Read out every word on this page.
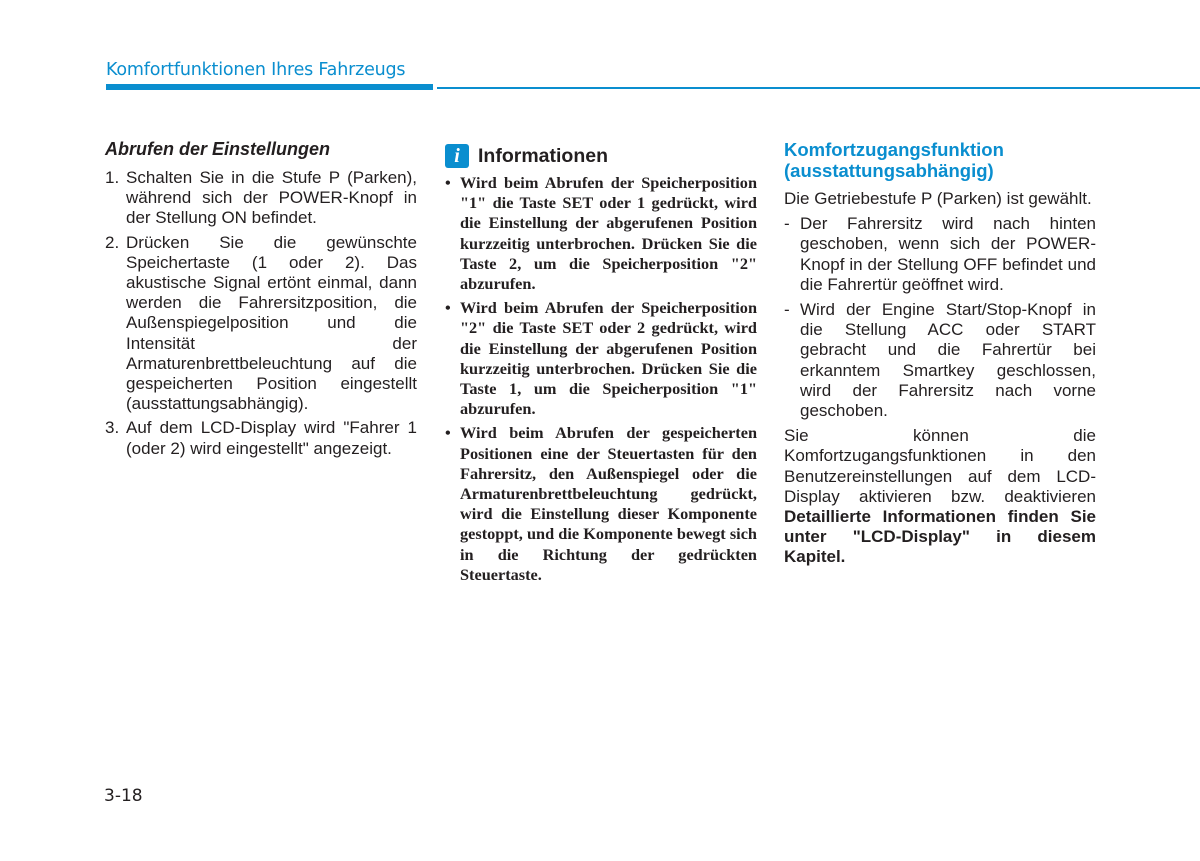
Komfortfunktionen Ihres Fahrzeugs
Abrufen der Einstellungen
1. Schalten Sie in die Stufe P (Parken), während sich der POWER-Knopf in der Stellung ON befindet.
2. Drücken Sie die gewünschte Speichertaste (1 oder 2). Das akustische Signal ertönt einmal, dann werden die Fahrersitzposition, die Außenspiegelposition und die Intensität der Armaturenbrettbeleuchtung auf die gespeicherten Position eingestellt (ausstattungsabhängig).
3. Auf dem LCD-Display wird "Fahrer 1 (oder 2) wird eingestellt" angezeigt.
i Informationen
• Wird beim Abrufen der Speicherposition "1" die Taste SET oder 1 gedrückt, wird die Einstellung der abgerufenen Position kurzzeitig unterbrochen. Drücken Sie die Taste 2, um die Speicherposition "2" abzurufen.
• Wird beim Abrufen der Speicherposition "2" die Taste SET oder 2 gedrückt, wird die Einstellung der abgerufenen Position kurzzeitig unterbrochen. Drücken Sie die Taste 1, um die Speicherposition "1" abzurufen.
• Wird beim Abrufen der gespeicherten Positionen eine der Steuertasten für den Fahrersitz, den Außenspiegel oder die Armaturenbrettbeleuchtung gedrückt, wird die Einstellung dieser Komponente gestoppt, und die Komponente bewegt sich in die Richtung der gedrückten Steuertaste.
Komfortzugangsfunktion
(ausstattungsabhängig)

Die Getriebestufe P (Parken) ist gewählt.

- Der Fahrersitz wird nach hinten geschoben, wenn sich der POWER-Knopf in der Stellung OFF befindet und die Fahrertür geöffnet wird.
- Wird der Engine Start/Stop-Knopf in die Stellung ACC oder START gebracht und die Fahrertür bei erkanntem Smartkey geschlossen, wird der Fahrersitz nach vorne geschoben.

Sie können die Komfortzugangsfunktionen in den Benutzereinstellungen auf dem LCD-Display aktivieren bzw. deaktivieren Detaillierte Informationen finden Sie unter "LCD-Display" in diesem Kapitel.

3-18
